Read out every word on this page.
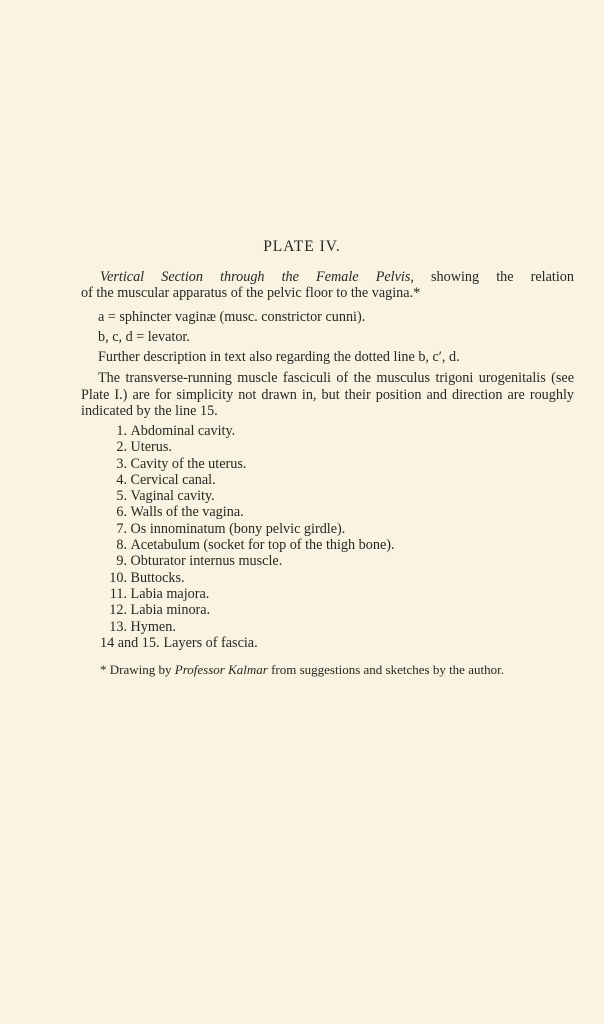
PLATE IV.
Vertical Section through the Female Pelvis, showing the relation
of the muscular apparatus of the pelvic floor to the vagina.*
a = sphincter vaginæ (musc. constrictor cunni).
b, c, d = levator.
Further description in text also regarding the dotted line b, c′, d.
The transverse-running muscle fasciculi of the musculus trigoni urogenitalis (see Plate I.) are for simplicity not drawn in, but their position and direction are roughly indicated by the line 15.
1. Abdominal cavity.
2. Uterus.
3. Cavity of the uterus.
4. Cervical canal.
5. Vaginal cavity.
6. Walls of the vagina.
7. Os innominatum (bony pelvic girdle).
8. Acetabulum (socket for top of the thigh bone).
9. Obturator internus muscle.
10. Buttocks.
11. Labia majora.
12. Labia minora.
13. Hymen.
14 and 15. Layers of fascia.
* Drawing by Professor Kalmar from suggestions and sketches by the author.
